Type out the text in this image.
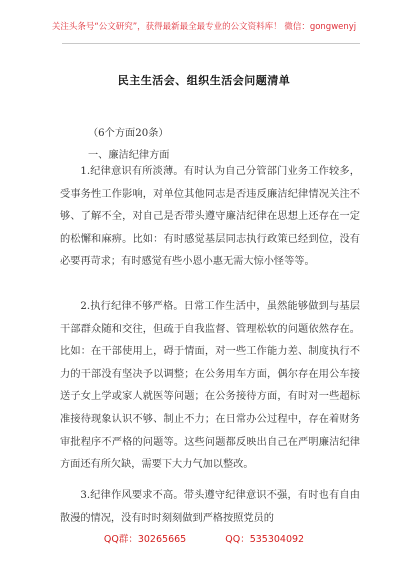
关注头条号“公文研究”，获得最新最全最专业的公文资料库！ 微信：gongwenyj
民主生活会、组织生活会问题清单
（6个方面20条）
一、廉洁纪律方面

1.纪律意识有所淡薄。有时认为自己分管部门业务工作较多，受事务性工作影响，对单位其他同志是否违反廉洁纪律情况关注不够、了解不全，对自己是否带头遵守廉洁纪律在思想上还存在一定的松懈和麻痹。比如：有时感觉基层同志执行政策已经到位，没有必要再苛求；有时感觉有些小恩小惠无需大惊小怪等等。

2.执行纪律不够严格。日常工作生活中，虽然能够做到与基层干部群众随和交往，但疏于自我监督、管理松软的问题依然存在。比如：在干部使用上，碍于情面，对一些工作能力差、制度执行不力的干部没有坚决予以调整；在公务用车方面，偶尔存在用公车接送子女上学或家人就医等问题；在公务接待方面，有时对一些超标准接待现象认识不够、制止不力；在日常办公过程中，存在着财务审批程序不严格的问题等。这些问题都反映出自己在严明廉洁纪律方面还有所欠缺，需要下大力气加以整改。

3.纪律作风要求不高。带头遵守纪律意识不强，有时也有自由散漫的情况，没有时时刻刻做到严格按照党员的

QQ群：30265665	QQ：535304092
